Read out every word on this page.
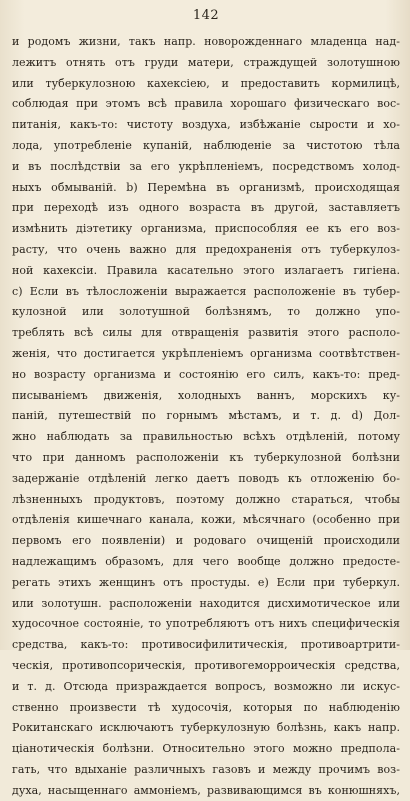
142
и родомъ жизни, такъ напр. новорожденнаго младенца над-
лежитъ отнять отъ груди матери, страждущей золотушною
или туберкулозною кахексіею, и предоставить кормилицѣ,
соблюдая при этомъ всѣ правила хорошаго физическаго вос-
питанія, какъ-то: чистоту воздуха, избѣжаніе сырости и хо-
лода, употребленіе купаній, наблюденіе за чистотою тѣла
и въ послѣдствіи за его укрѣпленіемъ, посредствомъ холод-
ныхъ обмываній. b) Перемѣна въ организмѣ, происходящая
при переходѣ изъ одного возраста въ другой, заставляетъ
измѣнить діэтетику организма, приспособляя ее къ его воз-
расту, что очень важно для предохраненія отъ туберкулоз-
ной кахексіи. Правила касательно этого излагаетъ гигіена.
c) Если въ тѣлосложеніи выражается расположеніе въ тубер-
кулозной или золотушной болѣзнямъ, то должно упо-
треблять всѣ силы для отвращенія развитія этого располо-
женія, что достигается укрѣпленіемъ организма соотвѣтствен-
но возрасту организма и состоянію его силъ, какъ-то: пред-
писываніемъ движенія, холодныхъ ваннъ, морскихъ ку-
паній, путешествій по горнымъ мѣстамъ, и т. д. d) Дол-
жно наблюдать за правильностью всѣхъ отдѣленій, потому
что при данномъ расположеніи къ туберкулозной болѣзни
задержаніе отдѣленій легко даетъ поводъ къ отложенію бо-
лѣзненныхъ продуктовъ, поэтому должно стараться, чтобы
отдѣленія кишечнаго канала, кожи, мѣсячнаго (особенно при
первомъ его появленіи) и родоваго очищеній происходили
надлежащимъ образомъ, для чего вообще должно предосте-
регать этихъ женщинъ отъ простуды. e) Если при туберкул.
или золотушн. расположеніи находится дисхимотическое или
худосочное состояніе, то употребляютъ отъ нихъ специфическія
средства, какъ-то: противосифилитическія, противоартрити-
ческія, противопсорическія, противогеморроическія средства,
и т. д. Отсюда призраждается вопросъ, возможно ли искус-
ственно произвести тѣ худосочія, которыя по наблюденію
Рокитанскаго исключаютъ туберкулозную болѣзнь, какъ напр.
ціанотическія болѣзни. Относительно этого можно предпола-
гать, что вдыханіе различныхъ газовъ и между прочимъ воз-
духа, насыщеннаго аммоніемъ, развивающимся въ конюшняхъ,
